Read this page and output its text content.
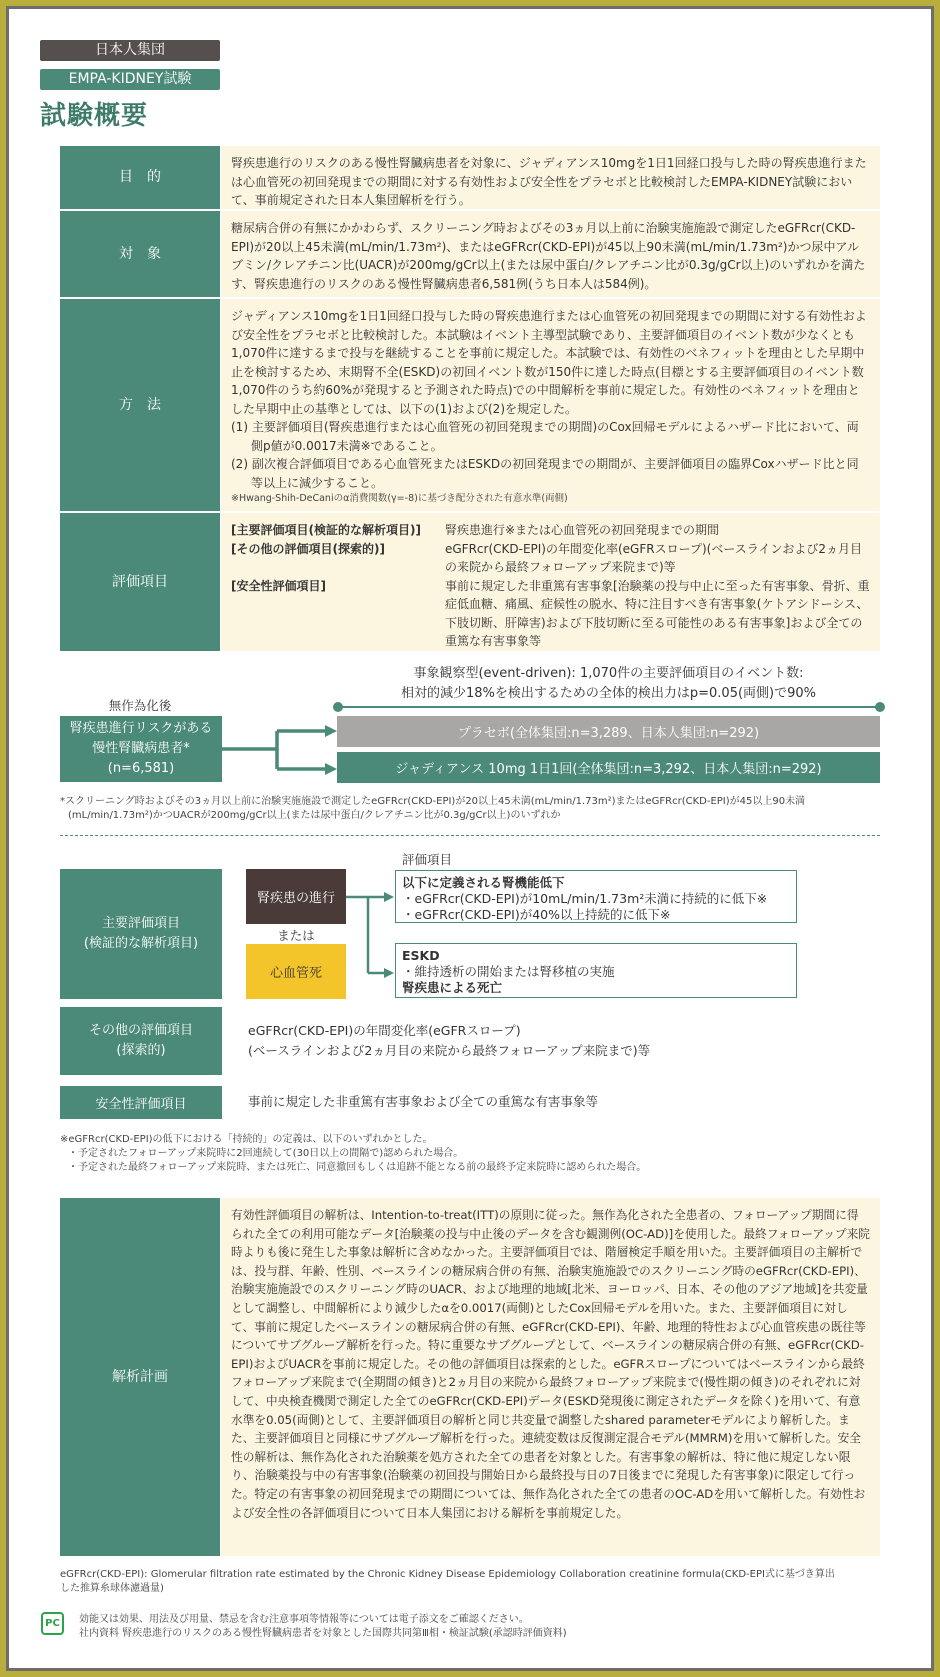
日本人集団
EMPA-KIDNEY試験
試験概要
目　的

腎疾患進行のリスクのある慢性腎臓病患者を対象に、ジャディアンス10mgを1日1回経口投与した時の腎疾患進行または心血管死の初回発現までの期間に対する有効性および安全性をプラセボと比較検討したEMPA-KIDNEY試験において、事前規定された日本人集団解析を行う。

対　象

糖尿病合併の有無にかかわらず、スクリーニング時およびその3ヵ月以上前に治験実施施設で測定したeGFRcr(CKD-EPI)が20以上45未満(mL/min/1.73m²)、またはeGFRcr(CKD-EPI)が45以上90未満(mL/min/1.73m²)かつ尿中アルブミン/クレアチニン比(UACR)が200mg/gCr以上(または尿中蛋白/クレアチニン比が0.3g/gCr以上)のいずれかを満たす、腎疾患進行のリスクのある慢性腎臓病患者6,581例(うち日本人は584例)。

方　法

ジャディアンス10mgを1日1回経口投与した時の腎疾患進行または心血管死の初回発現までの期間に対する有効性および安全性をプラセボと比較検討した。本試験はイベント主導型試験であり、主要評価項目のイベント数が少なくとも1,070件に達するまで投与を継続することを事前に規定した。本試験では、有効性のベネフィットを理由とした早期中止を検討するため、末期腎不全(ESKD)の初回イベント数が150件に達した時点(目標とする主要評価項目のイベント数1,070件のうち約60%が発現すると予測された時点)での中間解析を事前に規定した。有効性のベネフィットを理由とした早期中止の基準としては、以下の(1)および(2)を規定した。

(1) 主要評価項目(腎疾患進行または心血管死の初回発現までの期間)のCox回帰モデルによるハザード比において、両側p値が0.0017未満※であること。

(2) 副次複合評価項目である心血管死またはESKDの初回発現までの期間が、主要評価項目の臨界Coxハザード比と同等以上に減少すること。

※Hwang-Shih-DeCaniのα消費関数(γ=-8)に基づき配分された有意水準(両側)

評価項目
[主要評価項目(検証的な解析項目)]	腎疾患進行※または心血管死の初回発現までの期間
[その他の評価項目(探索的)]	eGFRcr(CKD-EPI)の年間変化率(eGFRスロープ)(ベースラインおよび2ヵ月目の来院から最終フォローアップ来院まで)等
[安全性評価項目]	事前に規定した非重篤有害事象[治験薬の投与中止に至った有害事象、骨折、重症低血糖、痛風、症候性の脱水、特に注目すべき有害事象(ケトアシドーシス、下肢切断、肝障害)および下肢切断に至る可能性のある有害事象]および全ての重篤な有害事象等
事象観察型(event-driven): 1,070件の主要評価項目のイベント数:
相対的減少18%を検出するための全体的検出力はp=0.05(両側)で90%
無作為化後
腎疾患進行リスクがある
慢性腎臓病患者*
(n=6,581)
プラセボ(全体集団:n=3,289、日本人集団:n=292)
ジャディアンス 10mg 1日1回(全体集団:n=3,292、日本人集団:n=292)
*スクリーニング時およびその3ヵ月以上前に治験実施施設で測定したeGFRcr(CKD-EPI)が20以上45未満(mL/min/1.73m²)またはeGFRcr(CKD-EPI)が45以上90未満
(mL/min/1.73m²)かつUACRが200mg/gCr以上(または尿中蛋白/クレアチニン比が0.3g/gCr以上)のいずれか
評価項目
主要評価項目
(検証的な解析項目)
腎疾患の進行
または
心血管死
以下に定義される腎機能低下
・eGFRcr(CKD-EPI)が10mL/min/1.73m²未満に持続的に低下※
・eGFRcr(CKD-EPI)が40%以上持続的に低下※
ESKD
・維持透析の開始または腎移植の実施
腎疾患による死亡
その他の評価項目
(探索的)
eGFRcr(CKD-EPI)の年間変化率(eGFRスロープ)
(ベースラインおよび2ヵ月目の来院から最終フォローアップ来院まで)等
安全性評価項目	事前に規定した非重篤有害事象および全ての重篤な有害事象等
※eGFRcr(CKD-EPI)の低下における「持続的」の定義は、以下のいずれかとした。
・予定されたフォローアップ来院時に2回連続して(30日以上の間隔で)認められた場合。
・予定された最終フォローアップ来院時、または死亡、同意撤回もしくは追跡不能となる前の最終予定来院時に認められた場合。
解析計画

有効性評価項目の解析は、Intention-to-treat(ITT)の原則に従った。無作為化された全患者の、フォローアップ期間に得られた全ての利用可能なデータ[治験薬の投与中止後のデータを含む観測例(OC-AD)]を使用した。最終フォローアップ来院時よりも後に発生した事象は解析に含めなかった。主要評価項目では、階層検定手順を用いた。主要評価項目の主解析では、投与群、年齢、性別、ベースラインの糖尿病合併の有無、治験実施施設でのスクリーニング時のeGFRcr(CKD-EPI)、治験実施施設でのスクリーニング時のUACR、および地理的地域[北米、ヨーロッパ、日本、その他のアジア地域]を共変量として調整し、中間解析により減少したαを0.0017(両側)としたCox回帰モデルを用いた。また、主要評価項目に対して、事前に規定したベースラインの糖尿病合併の有無、eGFRcr(CKD-EPI)、年齢、地理的特性および心血管疾患の既往等についてサブグループ解析を行った。特に重要なサブグループとして、ベースラインの糖尿病合併の有無、eGFRcr(CKD-EPI)およびUACRを事前に規定した。その他の評価項目は探索的とした。eGFRスロープについてはベースラインから最終フォローアップ来院まで(全期間の傾き)と2ヵ月目の来院から最終フォローアップ来院まで(慢性期の傾き)のそれぞれに対して、中央検査機関で測定した全てのeGFRcr(CKD-EPI)データ(ESKD発現後に測定されたデータを除く)を用いて、有意水準を0.05(両側)として、主要評価項目の解析と同じ共変量で調整したshared parameterモデルにより解析した。また、主要評価項目と同様にサブグループ解析を行った。連続変数は反復測定混合モデル(MMRM)を用いて解析した。安全性の解析は、無作為化された治験薬を処方された全ての患者を対象とした。有害事象の解析は、特に他に規定しない限り、治験薬投与中の有害事象(治験薬の初回投与開始日から最終投与日の7日後までに発現した有害事象)に限定して行った。特定の有害事象の初回発現までの期間については、無作為化された全ての患者のOC-ADを用いて解析した。有効性および安全性の各評価項目について日本人集団における解析を事前規定した。

eGFRcr(CKD-EPI): Glomerular filtration rate estimated by the Chronic Kidney Disease Epidemiology Collaboration creatinine formula(CKD-EPI式に基づき算出
した推算糸球体濾過量)
PC	効能又は効果、用法及び用量、禁忌を含む注意事項等情報等については電子添文をご確認ください。
社内資料 腎疾患進行のリスクのある慢性腎臓病患者を対象とした国際共同第Ⅲ相・検証試験(承認時評価資料)
